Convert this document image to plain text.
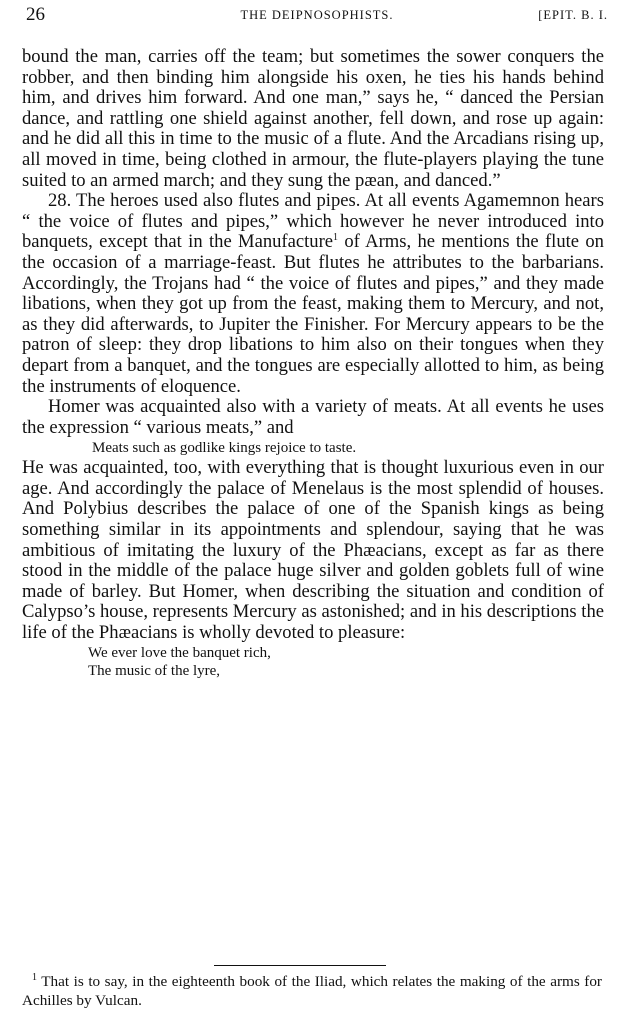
26	THE DEIPNOSOPHISTS.	[EPIT. B. I.

bound the man, carries off the team; but sometimes the sower conquers the robber, and then binding him alongside his oxen, he ties his hands behind him, and drives him forward. And one man,” says he, “ danced the Persian dance, and rattling one shield against another, fell down, and rose up again: and he did all this in time to the music of a flute. And the Arcadians rising up, all moved in time, being clothed in armour, the flute-players playing the tune suited to an armed march; and they sung the pæan, and danced.”

28. The heroes used also flutes and pipes. At all events Agamemnon hears “ the voice of flutes and pipes,” which however he never introduced into banquets, except that in the Manufacture$^1$ of Arms, he mentions the flute on the occasion of a marriage-feast. But flutes he attributes to the barbarians. Accordingly, the Trojans had “ the voice of flutes and pipes,” and they made libations, when they got up from the feast, making them to Mercury, and not, as they did afterwards, to Jupiter the Finisher. For Mercury appears to be the patron of sleep: they drop libations to him also on their tongues when they depart from a banquet, and the tongues are especially allotted to him, as being the instruments of eloquence.

Homer was acquainted also with a variety of meats. At all events he uses the expression “ various meats,” and

Meats such as godlike kings rejoice to taste.

He was acquainted, too, with everything that is thought luxurious even in our age. And accordingly the palace of Menelaus is the most splendid of houses. And Polybius describes the palace of one of the Spanish kings as being something similar in its appointments and splendour, saying that he was ambitious of imitating the luxury of the Phæacians, except as far as there stood in the middle of the palace huge silver and golden goblets full of wine made of barley. But Homer, when describing the situation and condition of Calypso’s house, represents Mercury as astonished; and in his descriptions the life of the Phæacians is wholly devoted to pleasure:

We ever love the banquet rich,

The music of the lyre,

$^1$ That is to say, in the eighteenth book of the Iliad, which relates the making of the arms for Achilles by Vulcan.
